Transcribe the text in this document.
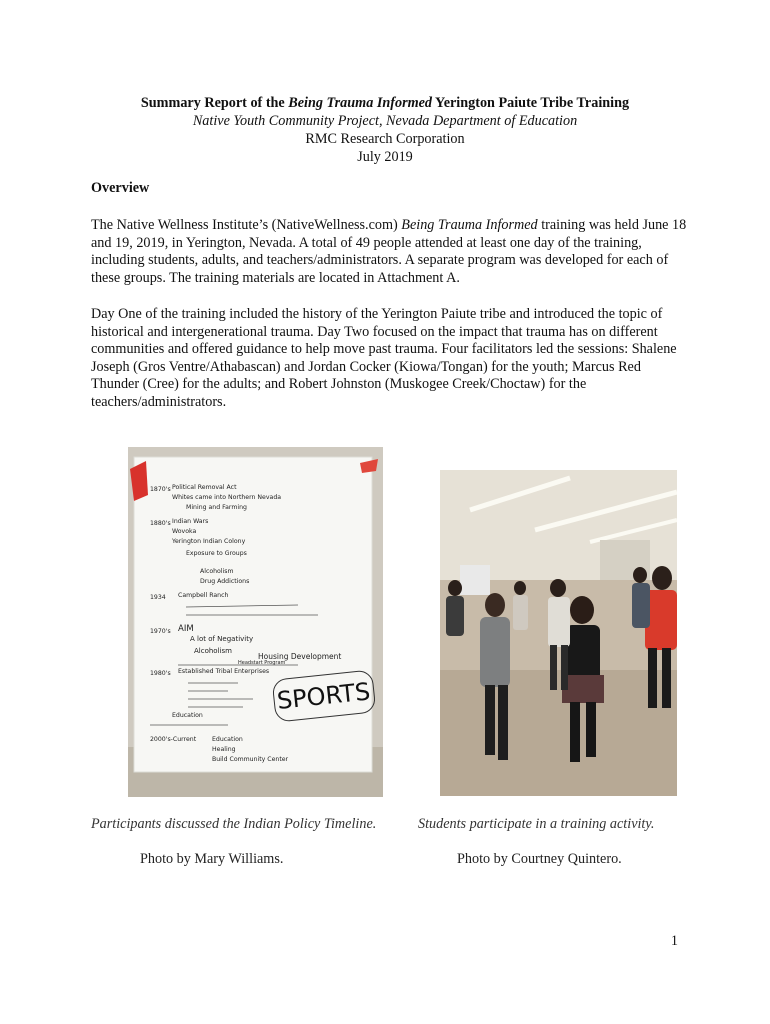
Summary Report of the Being Trauma Informed Yerington Paiute Tribe Training
Native Youth Community Project, Nevada Department of Education
RMC Research Corporation
July 2019
Overview
The Native Wellness Institute’s (NativeWellness.com) Being Trauma Informed training was held June 18 and 19, 2019, in Yerington, Nevada. A total of 49 people attended at least one day of the training, including students, adults, and teachers/administrators. A separate program was developed for each of these groups. The training materials are located in Attachment A.
Day One of the training included the history of the Yerington Paiute tribe and introduced the topic of historical and intergenerational trauma. Day Two focused on the impact that trauma has on different communities and offered guidance to help move past trauma. Four facilitators led the sessions: Shalene Joseph (Gros Ventre/Athabascan) and Jordan Cocker (Kiowa/Tongan) for the youth; Marcus Red Thunder (Cree) for the adults; and Robert Johnston (Muskogee Creek/Choctaw) for the teachers/administrators.
1870's Political Removal Act
Whites came into Northern Nevada
Mining and Farming
1880's Indian Wars
Wovoka
Yerington Indian Colony
Exposure to Groups
Alcoholism
Drug Addictions
1934 Campbell Ranch
1970's AIM
A lot of Negativity
Alcoholism
Housing Development
1980's Established Tribal Enterprises
Headstart Program
Education
2000's-Current	Education
Healing
Build Community Center
SPORTS
Participants discussed the Indian Policy Timeline.	Students participate in a training activity.
Photo by Mary Williams.	Photo by Courtney Quintero.
1
